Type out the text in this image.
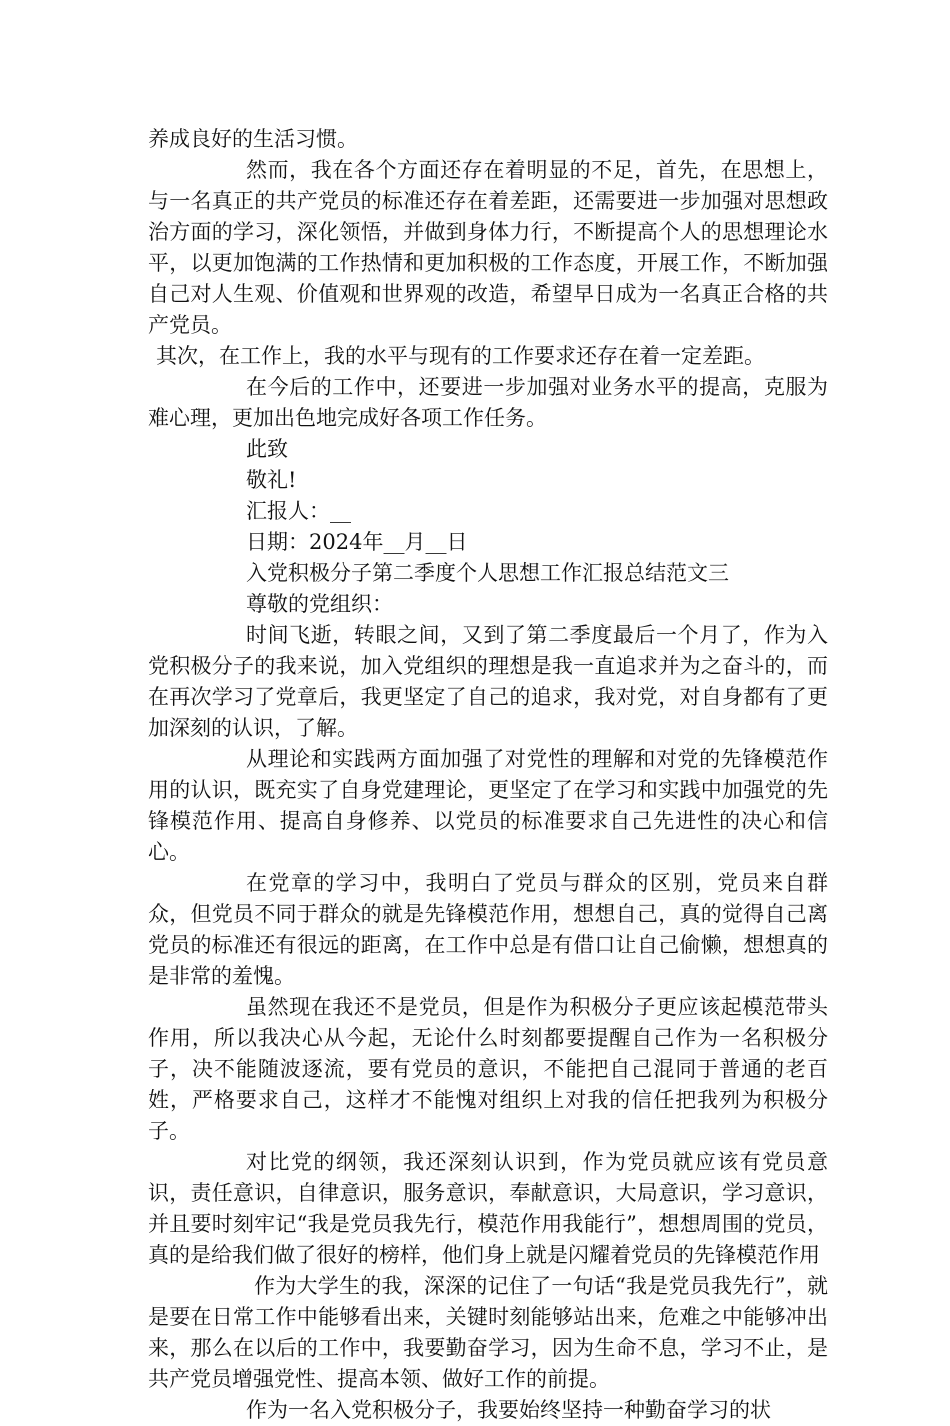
养成良好的生活习惯。

然而，我在各个方面还存在着明显的不足，首先，在思想上，与一名真正的共产党员的标准还存在着差距，还需要进一步加强对思想政治方面的学习，深化领悟，并做到身体力行，不断提高个人的思想理论水平，以更加饱满的工作热情和更加积极的工作态度，开展工作，不断加强自己对人生观、价值观和世界观的改造，希望早日成为一名真正合格的共产党员。

其次，在工作上，我的水平与现有的工作要求还存在着一定差距。

在今后的工作中，还要进一步加强对业务水平的提高，克服为难心理，更加出色地完成好各项工作任务。

此致

敬礼!

汇报人：__

日期：2024年__月__日

入党积极分子第二季度个人思想工作汇报总结范文三

尊敬的党组织：

时间飞逝，转眼之间，又到了第二季度最后一个月了，作为入党积极分子的我来说，加入党组织的理想是我一直追求并为之奋斗的，而在再次学习了党章后，我更坚定了自己的追求，我对党，对自身都有了更加深刻的认识，了解。

从理论和实践两方面加强了对党性的理解和对党的先锋模范作用的认识，既充实了自身党建理论，更坚定了在学习和实践中加强党的先锋模范作用、提高自身修养、以党员的标准要求自己先进性的决心和信心。

在党章的学习中，我明白了党员与群众的区别，党员来自群众，但党员不同于群众的就是先锋模范作用，想想自己，真的觉得自己离党员的标准还有很远的距离，在工作中总是有借口让自己偷懒，想想真的是非常的羞愧。

虽然现在我还不是党员，但是作为积极分子更应该起模范带头作用，所以我决心从今起，无论什么时刻都要提醒自己作为一名积极分子，决不能随波逐流，要有党员的意识，不能把自己混同于普通的老百姓，严格要求自己，这样才不能愧对组织上对我的信任把我列为积极分子。

对比党的纲领，我还深刻认识到，作为党员就应该有党员意识，责任意识，自律意识，服务意识，奉献意识，大局意识，学习意识，并且要时刻牢记“我是党员我先行，模范作用我能行”，想想周围的党员，真的是给我们做了很好的榜样，他们身上就是闪耀着党员的先锋模范作用

作为大学生的我，深深的记住了一句话“我是党员我先行”，就是要在日常工作中能够看出来，关键时刻能够站出来，危难之中能够冲出来，那么在以后的工作中，我要勤奋学习，因为生命不息，学习不止，是共产党员增强党性、提高本领、做好工作的前提。

作为一名入党积极分子，我要始终坚持一种勤奋学习的状
